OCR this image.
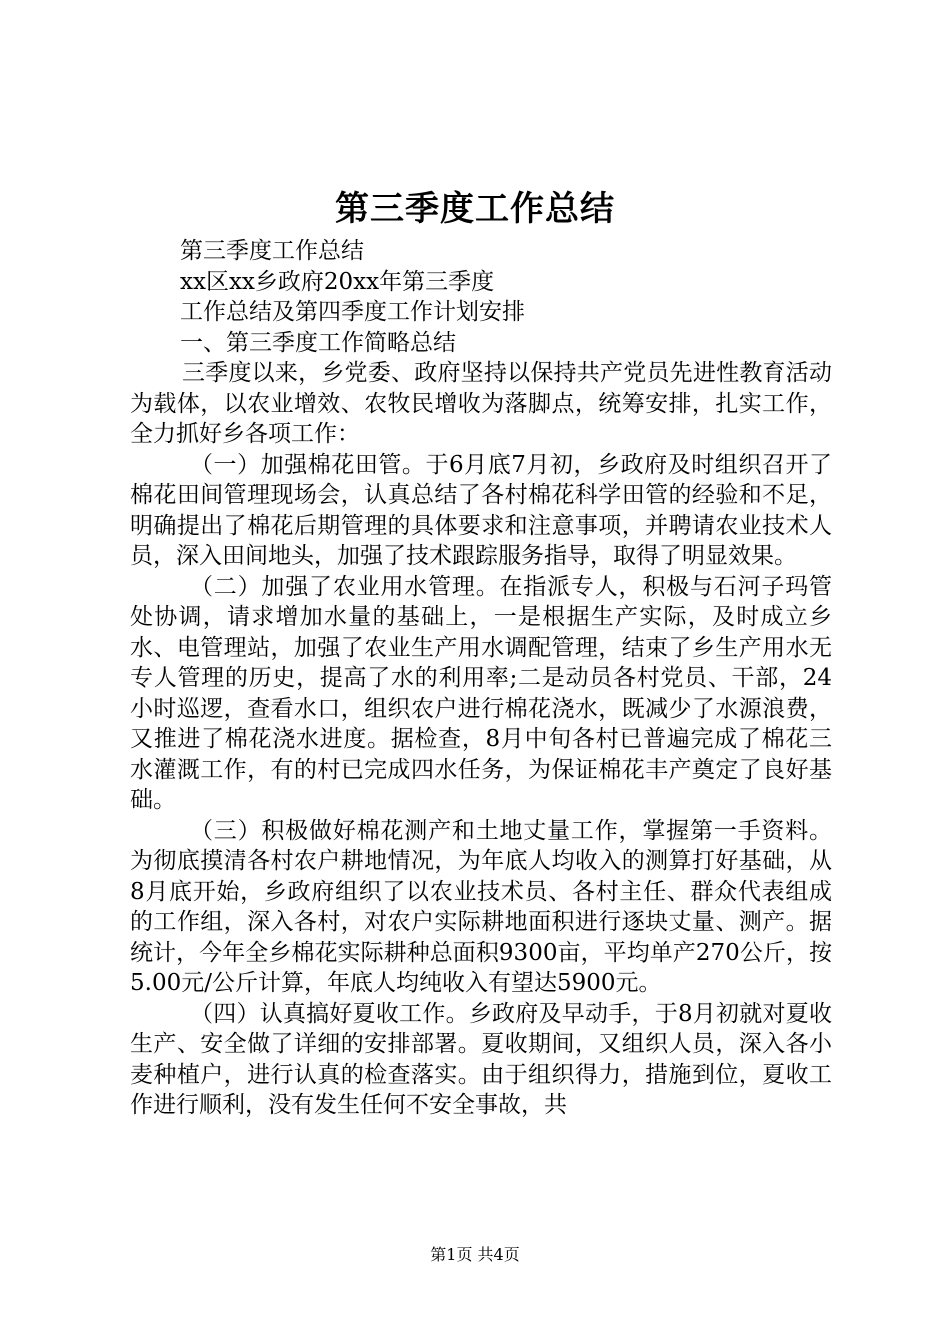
第三季度工作总结

第三季度工作总结

xx区xx乡政府20xx年第三季度

工作总结及第四季度工作计划安排

一、第三季度工作简略总结

三季度以来，乡党委、政府坚持以保持共产党员先进性教育活动为载体，以农业增效、农牧民增收为落脚点，统筹安排，扎实工作，全力抓好乡各项工作：

（一）加强棉花田管。于6月底7月初，乡政府及时组织召开了棉花田间管理现场会，认真总结了各村棉花科学田管的经验和不足，明确提出了棉花后期管理的具体要求和注意事项，并聘请农业技术人员，深入田间地头，加强了技术跟踪服务指导，取得了明显效果。

（二）加强了农业用水管理。在指派专人，积极与石河子玛管处协调，请求增加水量的基础上，一是根据生产实际，及时成立乡水、电管理站，加强了农业生产用水调配管理，结束了乡生产用水无专人管理的历史，提高了水的利用率;二是动员各村党员、干部，24小时巡逻，查看水口，组织农户进行棉花浇水，既减少了水源浪费，又推进了棉花浇水进度。据检查，8月中旬各村已普遍完成了棉花三水灌溉工作，有的村已完成四水任务，为保证棉花丰产奠定了良好基础。

（三）积极做好棉花测产和土地丈量工作，掌握第一手资料。为彻底摸清各村农户耕地情况，为年底人均收入的测算打好基础，从8月底开始，乡政府组织了以农业技术员、各村主任、群众代表组成的工作组，深入各村，对农户实际耕地面积进行逐块丈量、测产。据统计，今年全乡棉花实际耕种总面积9300亩，平均单产270公斤，按5.00元/公斤计算，年底人均纯收入有望达5900元。

（四）认真搞好夏收工作。乡政府及早动手，于8月初就对夏收生产、安全做了详细的安排部署。夏收期间，又组织人员，深入各小麦种植户，进行认真的检查落实。由于组织得力，措施到位，夏收工作进行顺利，没有发生任何不安全事故，共

第1页 共4页
